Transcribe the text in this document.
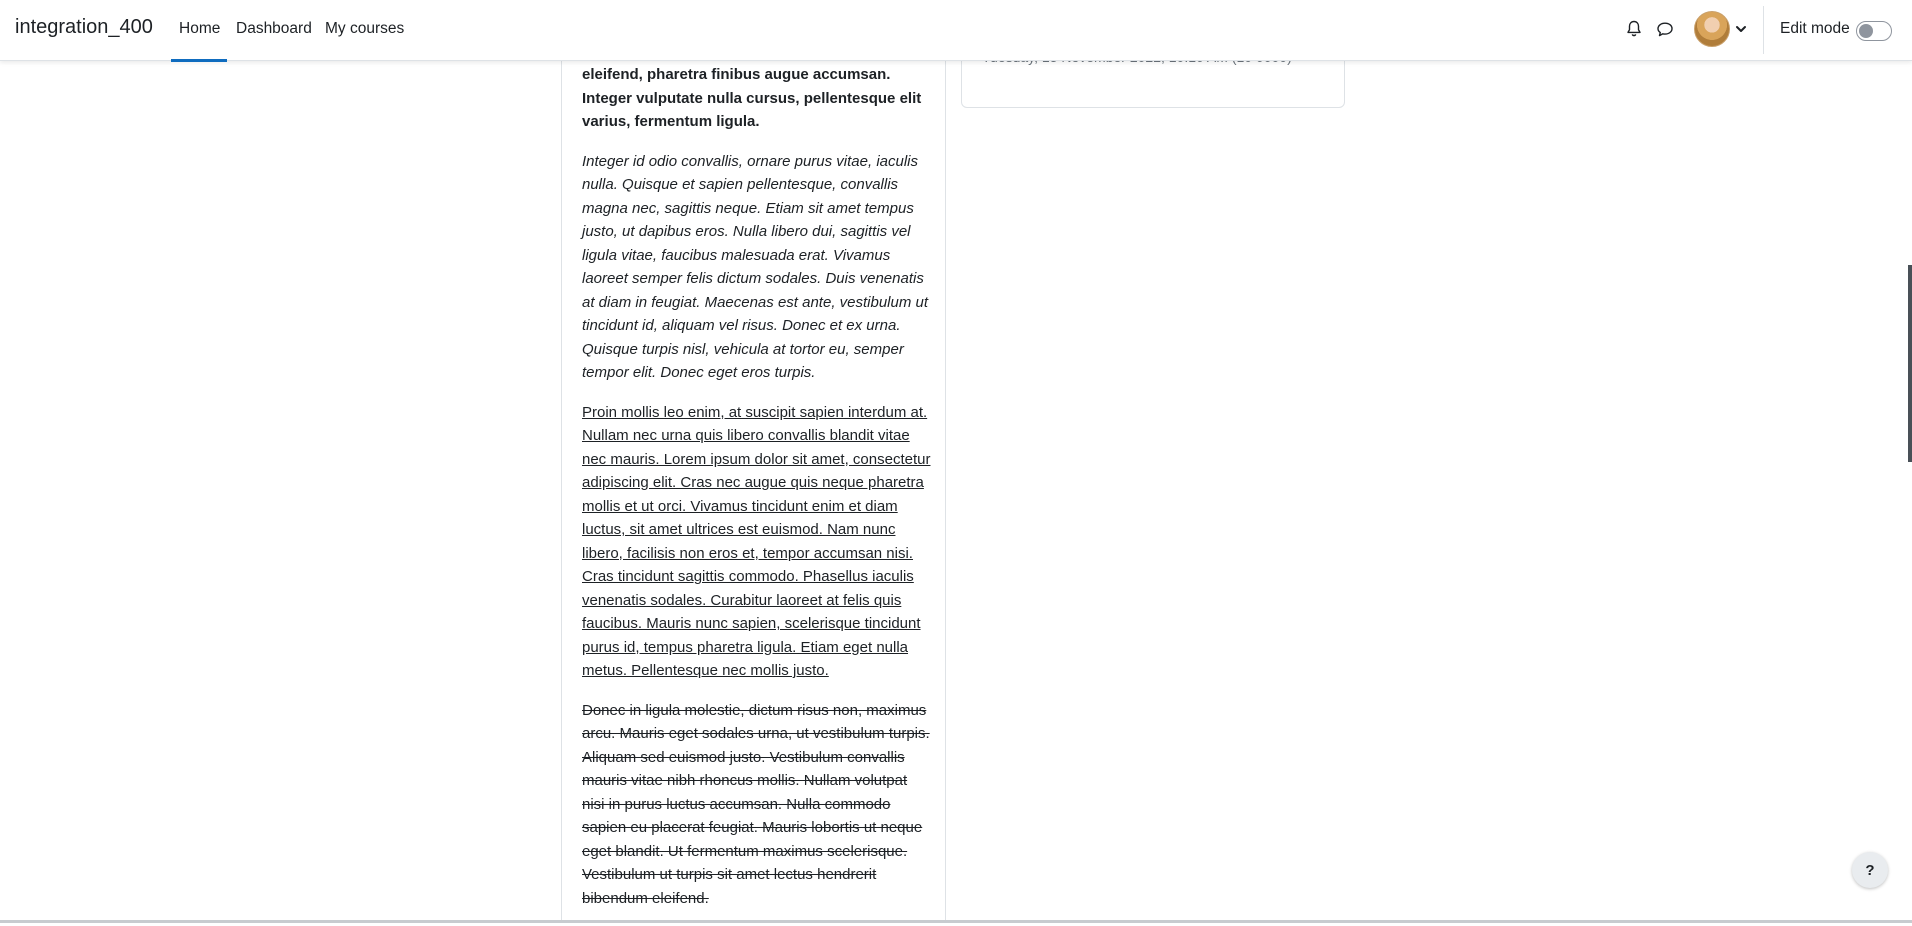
integration_400	Home	Dashboard My courses	Edit mode

eleifend, pharetra finibus augue accumsan. Integer vulputate nulla cursus, pellentesque elit varius, fermentum ligula.

Integer id odio convallis, ornare purus vitae, iaculis nulla. Quisque et sapien pellentesque, convallis magna nec, sagittis neque. Etiam sit amet tempus justo, ut dapibus eros. Nulla libero dui, sagittis vel ligula vitae, faucibus malesuada erat. Vivamus laoreet semper felis dictum sodales. Duis venenatis at diam in feugiat. Maecenas est ante, vestibulum ut tincidunt id, aliquam vel risus. Donec et ex urna. Quisque turpis nisl, vehicula at tortor eu, semper tempor elit. Donec eget eros turpis.

Proin mollis leo enim, at suscipit sapien interdum at. Nullam nec urna quis libero convallis blandit vitae nec mauris. Lorem ipsum dolor sit amet, consectetur adipiscing elit. Cras nec augue quis neque pharetra mollis et ut orci. Vivamus tincidunt enim et diam luctus, sit amet ultrices est euismod. Nam nunc libero, facilisis non eros et, tempor accumsan nisi. Cras tincidunt sagittis commodo. Phasellus iaculis venenatis sodales. Curabitur laoreet at felis quis faucibus. Mauris nunc sapien, scelerisque tincidunt purus id, tempus pharetra ligula. Etiam eget nulla metus. Pellentesque nec mollis justo.

Donec in ligula molestie, dictum risus non, maximus arcu. Mauris eget sodales urna, ut vestibulum turpis. Aliquam sed euismod justo. Vestibulum convallis mauris vitae nibh rhoncus mollis. Nullam volutpat nisi in purus luctus accumsan. Nulla commodo sapien eu placerat feugiat. Mauris lobortis ut neque eget blandit. Ut fermentum maximus scelerisque. Vestibulum ut turpis sit amet lectus hendrerit bibendum eleifend.

?
